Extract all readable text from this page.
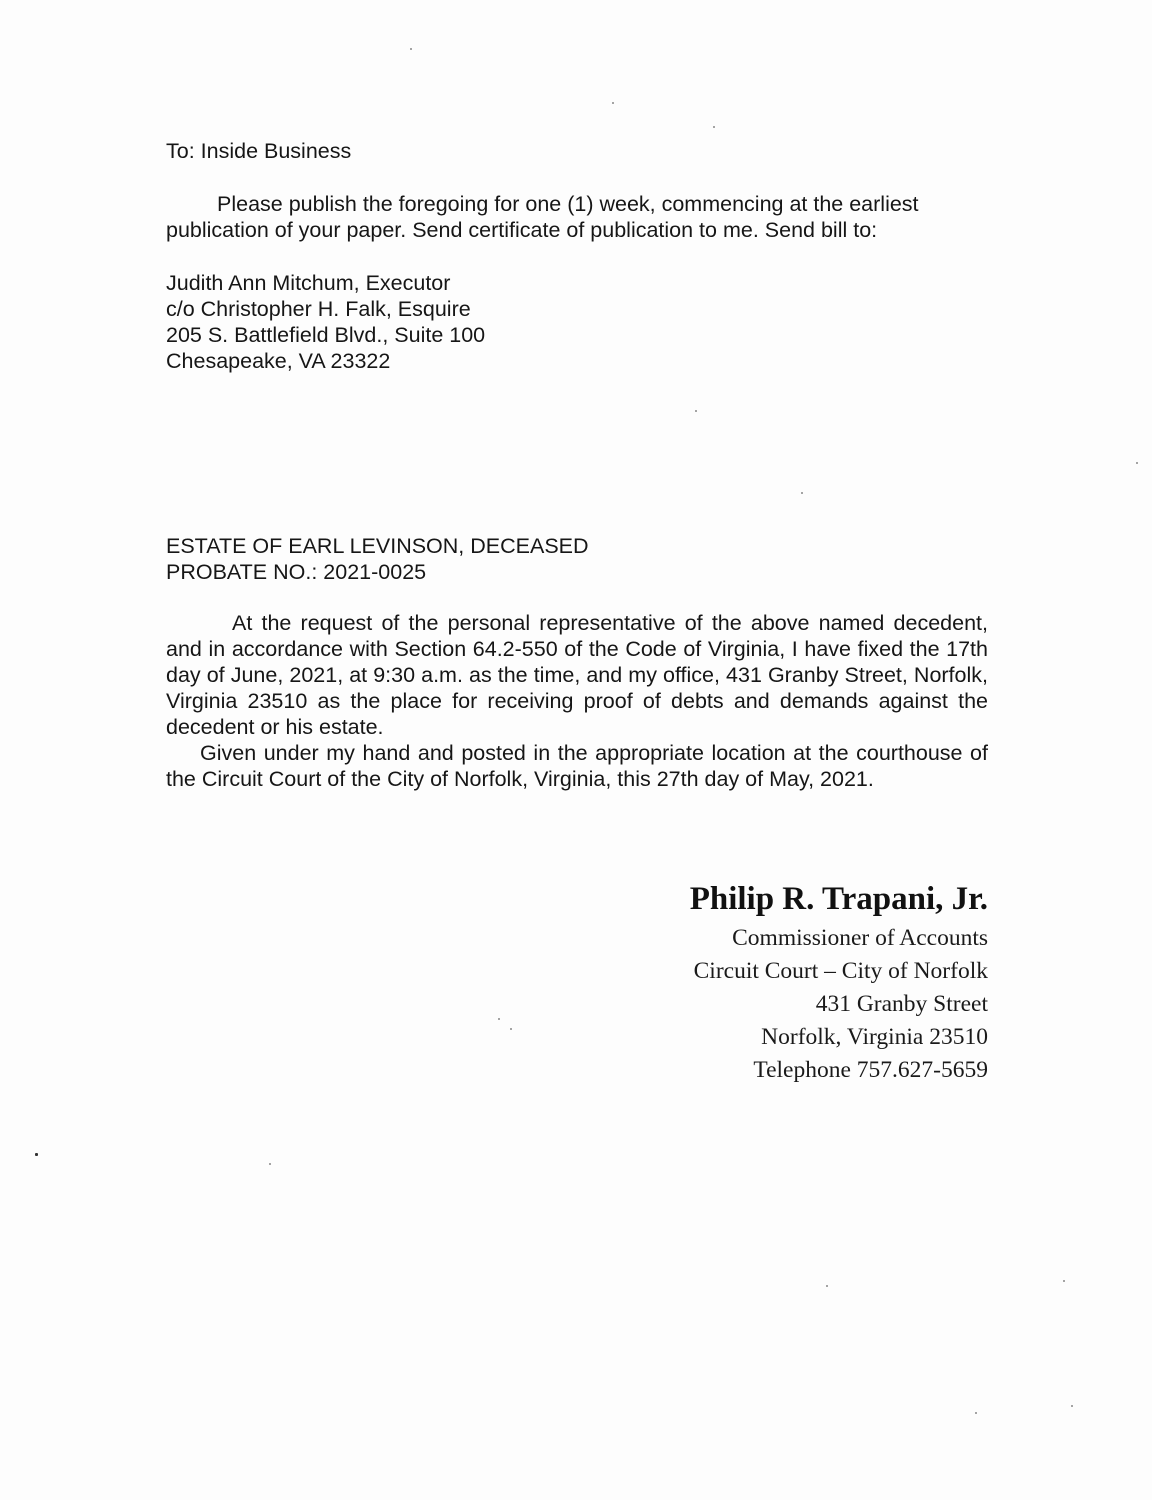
To: Inside Business
Please publish the foregoing for one (1) week, commencing at the earliest
publication of your paper. Send certificate of publication to me. Send bill to:
Judith Ann Mitchum, Executor
c/o Christopher H. Falk, Esquire
205 S. Battlefield Blvd., Suite 100
Chesapeake, VA 23322
ESTATE OF EARL LEVINSON, DECEASED
PROBATE NO.: 2021-0025

At the request of the personal representative of the above named decedent, and in accordance with Section 64.2-550 of the Code of Virginia, I have fixed the 17th day of June, 2021, at 9:30 a.m. as the time, and my office, 431 Granby Street, Norfolk, Virginia 23510 as the place for receiving proof of debts and demands against the decedent or his estate.

Given under my hand and posted in the appropriate location at the courthouse of the Circuit Court of the City of Norfolk, Virginia, this 27th day of May, 2021.

Philip R. Trapani, Jr.
Commissioner of Accounts
Circuit Court – City of Norfolk
431 Granby Street
Norfolk, Virginia 23510
Telephone 757.627-5659
